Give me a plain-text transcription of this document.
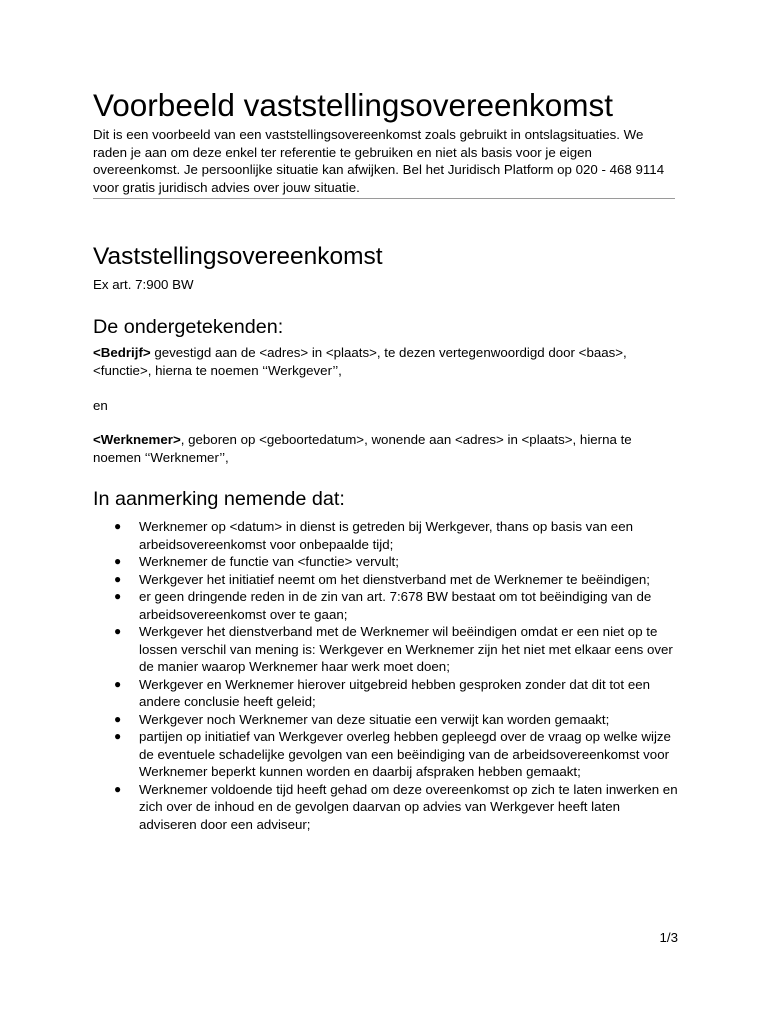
Voorbeeld vaststellingsovereenkomst

Dit is een voorbeeld van een vaststellingsovereenkomst zoals gebruikt in ontslagsituaties. We raden je aan om deze enkel ter referentie te gebruiken en niet als basis voor je eigen overeenkomst. Je persoonlijke situatie kan afwijken. Bel het Juridisch Platform op 020 - 468 9114 voor gratis juridisch advies over jouw situatie.

Vaststellingsovereenkomst

Ex art. 7:900 BW

De ondergetekenden:

<Bedrijf> gevestigd aan de <adres> in <plaats>, te dezen vertegenwoordigd door <baas>, <functie>, hierna te noemen ‘‘Werkgever’’,

en

<Werknemer>, geboren op <geboortedatum>, wonende aan <adres> in <plaats>, hierna te noemen ‘‘Werknemer’’,

In aanmerking nemende dat:
● Werknemer op <datum> in dienst is getreden bij Werkgever, thans op basis van een arbeidsovereenkomst voor onbepaalde tijd;
● Werknemer de functie van <functie> vervult;
● Werkgever het initiatief neemt om het dienstverband met de Werknemer te beëindigen;
● er geen dringende reden in de zin van art. 7:678 BW bestaat om tot beëindiging van de arbeidsovereenkomst over te gaan;
● Werkgever het dienstverband met de Werknemer wil beëindigen omdat er een niet op te lossen verschil van mening is: Werkgever en Werknemer zijn het niet met elkaar eens over de manier waarop Werknemer haar werk moet doen;
● Werkgever en Werknemer hierover uitgebreid hebben gesproken zonder dat dit tot een andere conclusie heeft geleid;
● Werkgever noch Werknemer van deze situatie een verwijt kan worden gemaakt;
● partijen op initiatief van Werkgever overleg hebben gepleegd over de vraag op welke wijze de eventuele schadelijke gevolgen van een beëindiging van de arbeidsovereenkomst voor Werknemer beperkt kunnen worden en daarbij afspraken hebben gemaakt;
● Werknemer voldoende tijd heeft gehad om deze overeenkomst op zich te laten inwerken en zich over de inhoud en de gevolgen daarvan op advies van Werkgever heeft laten adviseren door een adviseur;

1/3
